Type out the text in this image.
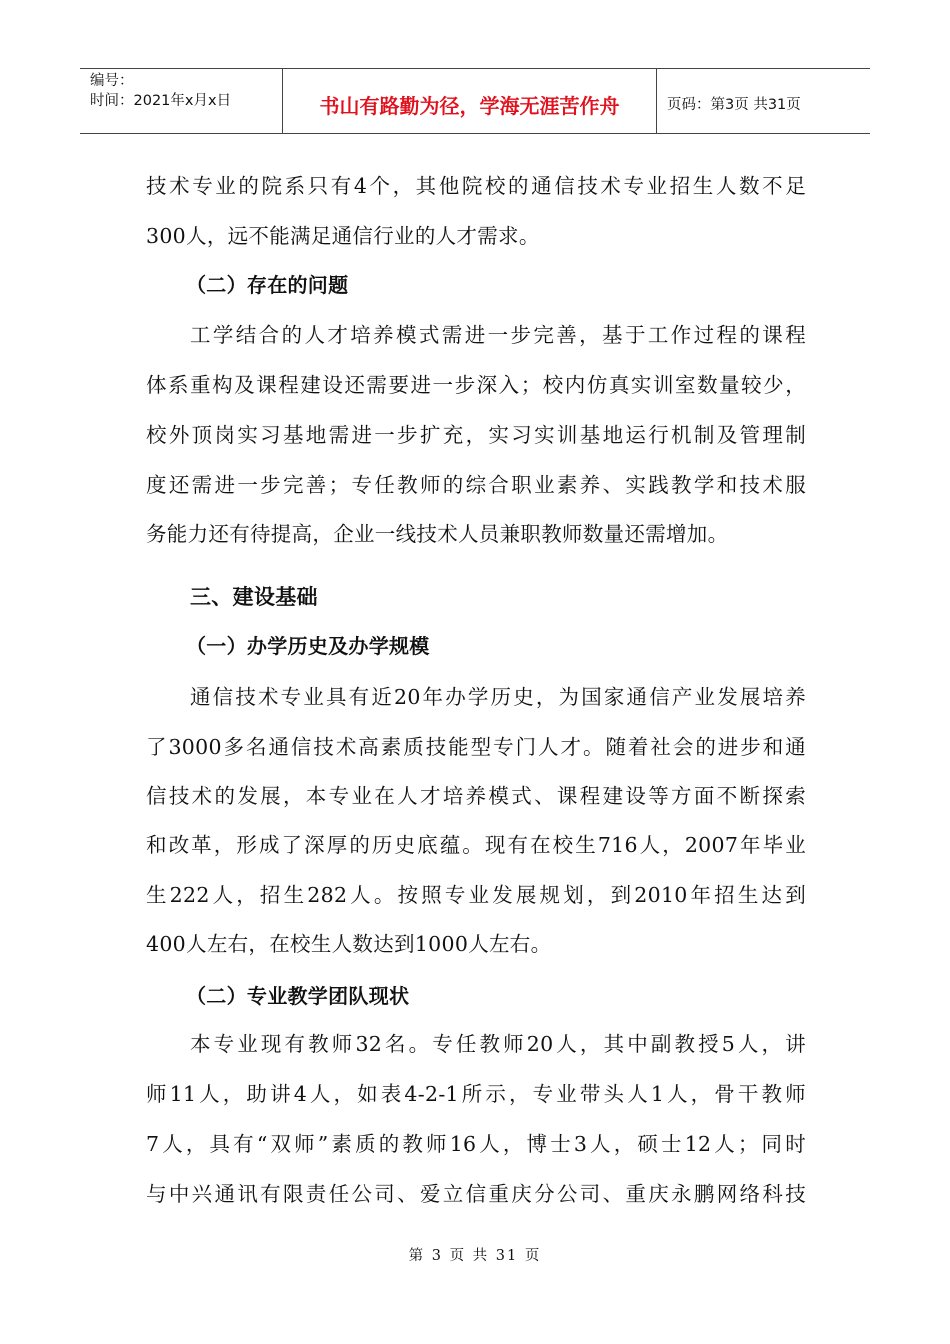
编号：
时间：2021年x月x日	书山有路勤为径，学海无涯苦作舟	页码：第3页 共31页
技术专业的院系只有4个，其他院校的通信技术专业招生人数不足
300人，远不能满足通信行业的人才需求。
（二）存在的问题
工学结合的人才培养模式需进一步完善，基于工作过程的课程
体系重构及课程建设还需要进一步深入；校内仿真实训室数量较少，
校外顶岗实习基地需进一步扩充，实习实训基地运行机制及管理制
度还需进一步完善；专任教师的综合职业素养、实践教学和技术服
务能力还有待提高，企业一线技术人员兼职教师数量还需增加。
三、建设基础
（一）办学历史及办学规模
通信技术专业具有近20年办学历史，为国家通信产业发展培养
了3000多名通信技术高素质技能型专门人才。随着社会的进步和通
信技术的发展，本专业在人才培养模式、课程建设等方面不断探索
和改革，形成了深厚的历史底蕴。现有在校生716人，2007年毕业
生222人，招生282人。按照专业发展规划，到2010年招生达到
400人左右，在校生人数达到1000人左右。
（二）专业教学团队现状
本专业现有教师32名。专任教师20人，其中副教授5人，讲
师11人，助讲4人，如表4-2-1所示，专业带头人1人，骨干教师
7人，具有“双师”素质的教师16人，博士3人，硕士12人；同时
与中兴通讯有限责任公司、爱立信重庆分公司、重庆永鹏网络科技
第 3 页 共 31 页
